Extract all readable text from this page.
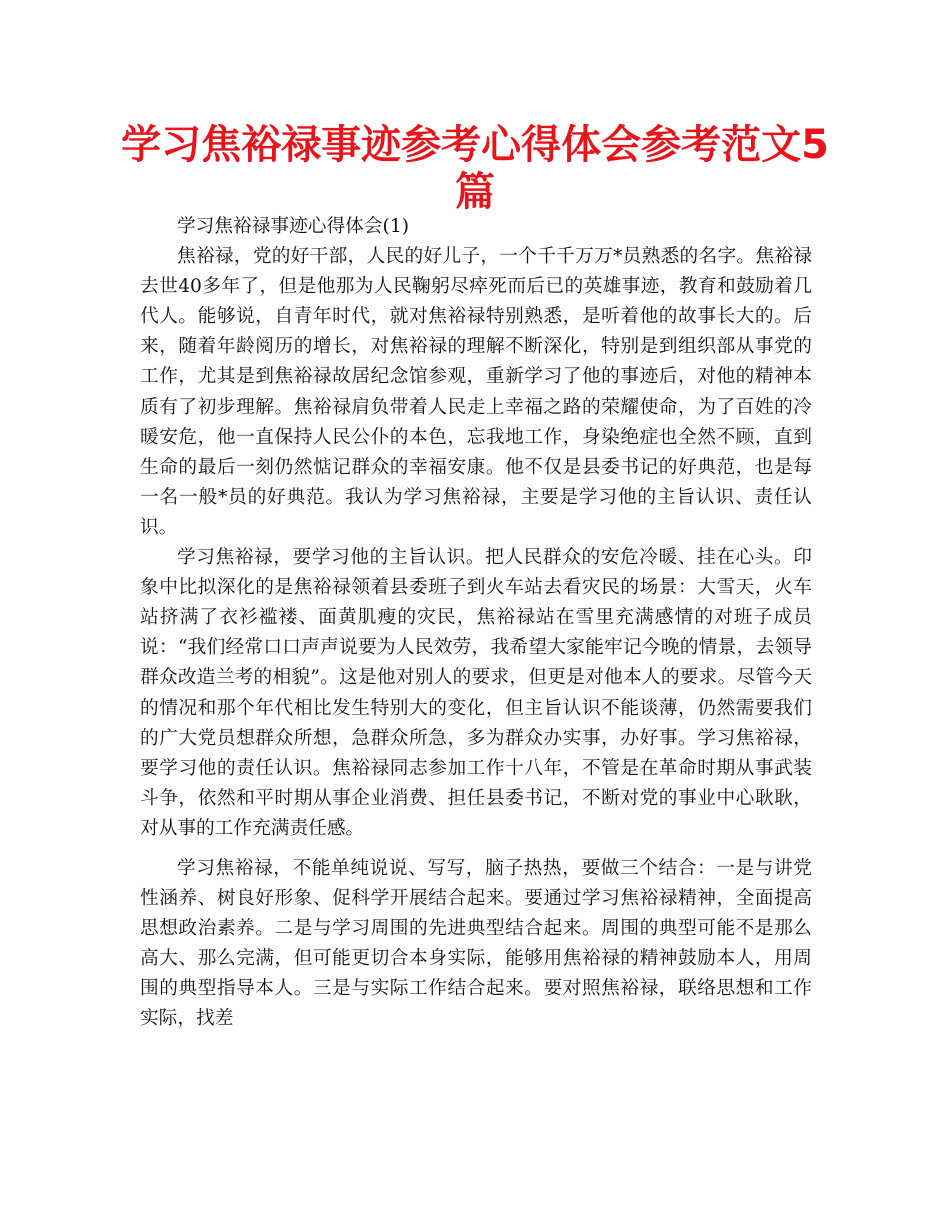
学习焦裕禄事迹参考心得体会参考范文5篇

学习焦裕禄事迹心得体会(1)

焦裕禄，党的好干部，人民的好儿子，一个千千万万*员熟悉的名字。焦裕禄去世40多年了，但是他那为人民鞠躬尽瘁死而后已的英雄事迹，教育和鼓励着几代人。能够说，自青年时代，就对焦裕禄特别熟悉，是听着他的故事长大的。后来，随着年龄阅历的增长，对焦裕禄的理解不断深化，特别是到组织部从事党的工作，尤其是到焦裕禄故居纪念馆参观，重新学习了他的事迹后，对他的精神本质有了初步理解。焦裕禄肩负带着人民走上幸福之路的荣耀使命，为了百姓的冷暖安危，他一直保持人民公仆的本色，忘我地工作，身染绝症也全然不顾，直到生命的最后一刻仍然惦记群众的幸福安康。他不仅是县委书记的好典范，也是每一名一般*员的好典范。我认为学习焦裕禄，主要是学习他的主旨认识、责任认识。

学习焦裕禄，要学习他的主旨认识。把人民群众的安危冷暖、挂在心头。印象中比拟深化的是焦裕禄领着县委班子到火车站去看灾民的场景：大雪天，火车站挤满了衣衫褴褛、面黄肌瘦的灾民，焦裕禄站在雪里充满感情的对班子成员说：“我们经常口口声声说要为人民效劳，我希望大家能牢记今晚的情景，去领导群众改造兰考的相貌”。这是他对别人的要求，但更是对他本人的要求。尽管今天的情况和那个年代相比发生特别大的变化，但主旨认识不能谈薄，仍然需要我们的广大党员想群众所想，急群众所急，多为群众办实事，办好事。学习焦裕禄，要学习他的责任认识。焦裕禄同志参加工作十八年，不管是在革命时期从事武装斗争，依然和平时期从事企业消费、担任县委书记，不断对党的事业中心耿耿，对从事的工作充满责任感。

学习焦裕禄，不能单纯说说、写写，脑子热热，要做三个结合：一是与讲党性涵养、树良好形象、促科学开展结合起来。要通过学习焦裕禄精神，全面提高思想政治素养。二是与学习周围的先进典型结合起来。周围的典型可能不是那么高大、那么完满，但可能更切合本身实际，能够用焦裕禄的精神鼓励本人，用周围的典型指导本人。三是与实际工作结合起来。要对照焦裕禄，联络思想和工作实际，找差
